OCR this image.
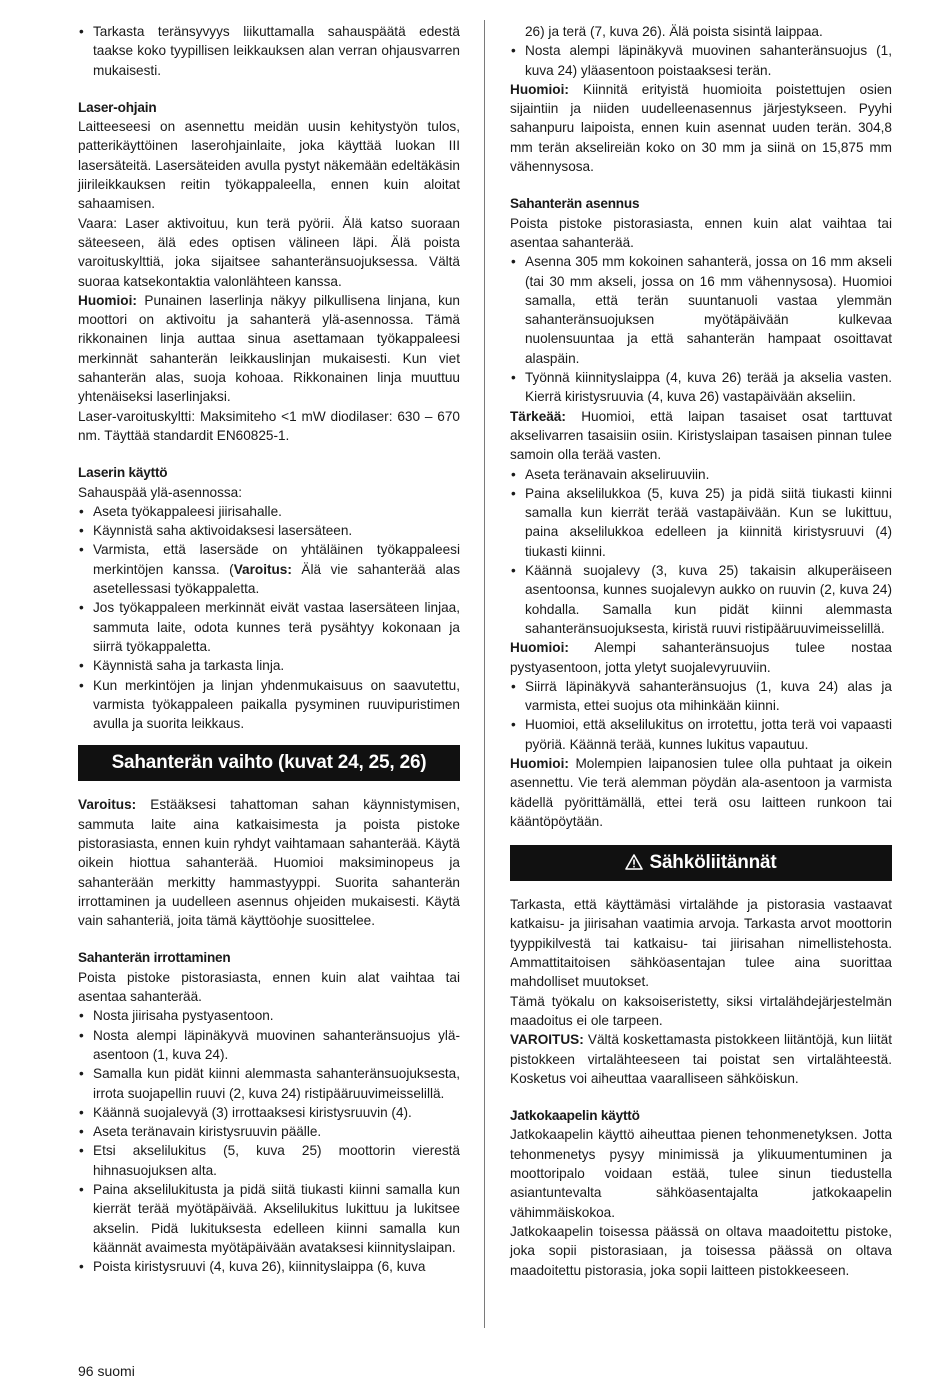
• Tarkasta teränsyvyys liikuttamalla sahauspäätä edestä taakse koko tyypillisen leikkauksen alan verran ohjausvarren mukaisesti.
Laser-ohjain

Laitteeseesi on asennettu meidän uusin kehitystyön tulos, patterikäyttöinen laserohjainlaite, joka käyttää luokan III lasersäteitä. Lasersäteiden avulla pystyt näkemään edeltäkäsin jiirileikkauksen reitin työkappaleella, ennen kuin aloitat sahaamisen.

Vaara: Laser aktivoituu, kun terä pyörii. Älä katso suoraan säteeseen, älä edes optisen välineen läpi. Älä poista varoituskylttiä, joka sijaitsee sahanteränsuojuksessa. Vältä suoraa katsekontaktia valonlähteen kanssa.

Huomioi: Punainen laserlinja näkyy pilkullisena linjana, kun moottori on aktivoitu ja sahanterä ylä-asennossa. Tämä rikkonainen linja auttaa sinua asettamaan työkappaleesi merkinnät sahanterän leikkauslinjan mukaisesti. Kun viet sahanterän alas, suoja kohoaa. Rikkonainen linja muuttuu yhtenäiseksi laserlinjaksi.

Laser-varoituskyltti: Maksimiteho <1 mW diodilaser: 630 – 670 nm. Täyttää standardit EN60825-1.

Laserin käyttö

Sahauspää ylä-asennossa:

• Aseta työkappaleesi jiirisahalle.
• Käynnistä saha aktivoidaksesi lasersäteen.
• Varmista, että lasersäde on yhtäläinen työkappaleesi merkintöjen kanssa. (Varoitus: Älä vie sahanterää alas asetellessasi työkappaletta.
• Jos työkappaleen merkinnät eivät vastaa lasersäteen linjaa, sammuta laite, odota kunnes terä pysähtyy kokonaan ja siirrä työkappaletta.
• Käynnistä saha ja tarkasta linja.
• Kun merkintöjen ja linjan yhdenmukaisuus on saavutettu, varmista työkappaleen paikalla pysyminen ruuvipuristimen avulla ja suorita leikkaus.
Sahanterän vaihto (kuvat 24, 25, 26)

Varoitus: Estääksesi tahattoman sahan käynnistymisen, sammuta laite aina katkaisimesta ja poista pistoke pistorasiasta, ennen kuin ryhdyt vaihtamaan sahanterää. Käytä oikein hiottua sahanterää. Huomioi maksiminopeus ja sahanterään merkitty hammastyyppi. Suorita sahanterän irrottaminen ja uudelleen asennus ohjeiden mukaisesti. Käytä vain sahanteriä, joita tämä käyttöohje suosittelee.

Sahanterän irrottaminen

Poista pistoke pistorasiasta, ennen kuin alat vaihtaa tai asentaa sahanterää.

• Nosta jiirisaha pystyasentoon.
• Nosta alempi läpinäkyvä muovinen sahanteränsuojus ylä-asentoon (1, kuva 24).
• Samalla kun pidät kiinni alemmasta sahanteränsuojuksesta, irrota suojapellin ruuvi (2, kuva 24) ristipääruuvimeisselillä.
• Käännä suojalevyä (3) irrottaaksesi kiristysruuvin (4).
• Aseta teränavain kiristysruuvin päälle.
• Etsi akselilukitus (5, kuva 25) moottorin vierestä hihnasuojuksen alta.
• Paina akselilukitusta ja pidä siitä tiukasti kiinni samalla kun kierrät terää myötäpäivää. Akselilukitus lukittuu ja lukitsee akselin. Pidä lukituksesta edelleen kiinni samalla kun käännät avaimesta myötäpäivään avataksesi kiinnityslaipan.
• Poista kiristysruuvi (4, kuva 26), kiinnityslaippa (6, kuva
26) ja terä (7, kuva 26). Älä poista sisintä laippaa.
• Nosta alempi läpinäkyvä muovinen sahanteränsuojus (1, kuva 24) yläasentoon poistaaksesi terän.

Huomioi: Kiinnitä erityistä huomioita poistettujen osien sijaintiin ja niiden uudelleenasennus järjestykseen. Pyyhi sahanpuru laipoista, ennen kuin asennat uuden terän. 304,8 mm terän akselireiän koko on 30 mm ja siinä on 15,875 mm vähennysosa.

Sahanterän asennus

Poista pistoke pistorasiasta, ennen kuin alat vaihtaa tai asentaa sahanterää.

• Asenna 305 mm kokoinen sahanterä, jossa on 16 mm akseli (tai 30 mm akseli, jossa on 16 mm vähennysosa). Huomioi samalla, että terän suuntanuoli vastaa ylemmän sahanteränsuojuksen myötäpäivään kulkevaa nuolensuuntaa ja että sahanterän hampaat osoittavat alaspäin.
• Työnnä kiinnityslaippa (4, kuva 26) terää ja akselia vasten. Kierrä kiristysruuvia (4, kuva 26) vastapäivään akseliin.

Tärkeää: Huomioi, että laipan tasaiset osat tarttuvat akselivarren tasaisiin osiin. Kiristyslaipan tasaisen pinnan tulee samoin olla terää vasten.

• Aseta teränavain akseliruuviin.
• Paina akselilukkoa (5, kuva 25) ja pidä siitä tiukasti kiinni samalla kun kierrät terää vastapäivään. Kun se lukittuu, paina akselilukkoa edelleen ja kiinnitä kiristysruuvi (4) tiukasti kiinni.
• Käännä suojalevy (3, kuva 25) takaisin alkuperäiseen asentoonsa, kunnes suojalevyn aukko on ruuvin (2, kuva 24) kohdalla. Samalla kun pidät kiinni alemmasta sahanteränsuojuksesta, kiristä ruuvi ristipääruuvimeisselillä.

Huomioi: Alempi sahanteränsuojus tulee nostaa pystyasentoon, jotta yletyt suojalevyruuviin.

• Siirrä läpinäkyvä sahanteränsuojus (1, kuva 24) alas ja varmista, ettei suojus ota mihinkään kiinni.
• Huomioi, että akselilukitus on irrotettu, jotta terä voi vapaasti pyöriä. Käännä terää, kunnes lukitus vapautuu.

Huomioi: Molempien laipanosien tulee olla puhtaat ja oikein asennettu. Vie terä alemman pöydän ala-asentoon ja varmista kädellä pyörittämällä, ettei terä osu laitteen runkoon tai kääntöpöytään.

Sähköliitännät

Tarkasta, että käyttämäsi virtalähde ja pistorasia vastaavat katkaisu- ja jiirisahan vaatimia arvoja. Tarkasta arvot moottorin tyyppikilvestä tai katkaisu- tai jiirisahan nimellistehosta. Ammattitaitoisen sähköasentajan tulee aina suorittaa mahdolliset muutokset.

Tämä työkalu on kaksoiseristetty, siksi virtalähdejärjestelmän maadoitus ei ole tarpeen.

VAROITUS: Vältä koskettamasta pistokkeen liitäntöjä, kun liität pistokkeen virtalähteeseen tai poistat sen virtalähteestä. Kosketus voi aiheuttaa vaaralliseen sähköiskun.

Jatkokaapelin käyttö

Jatkokaapelin käyttö aiheuttaa pienen tehonmenetyksen. Jotta tehonmenetys pysyy minimissä ja ylikuumentuminen ja moottoripalo voidaan estää, tulee sinun tiedustella asiantuntevalta sähköasentajalta jatkokaapelin vähimmäiskokoa.

Jatkokaapelin toisessa päässä on oltava maadoitettu pistoke, joka sopii pistorasiaan, ja toisessa päässä on oltava maadoitettu pistorasia, joka sopii laitteen pistokkeeseen.

96 suomi
